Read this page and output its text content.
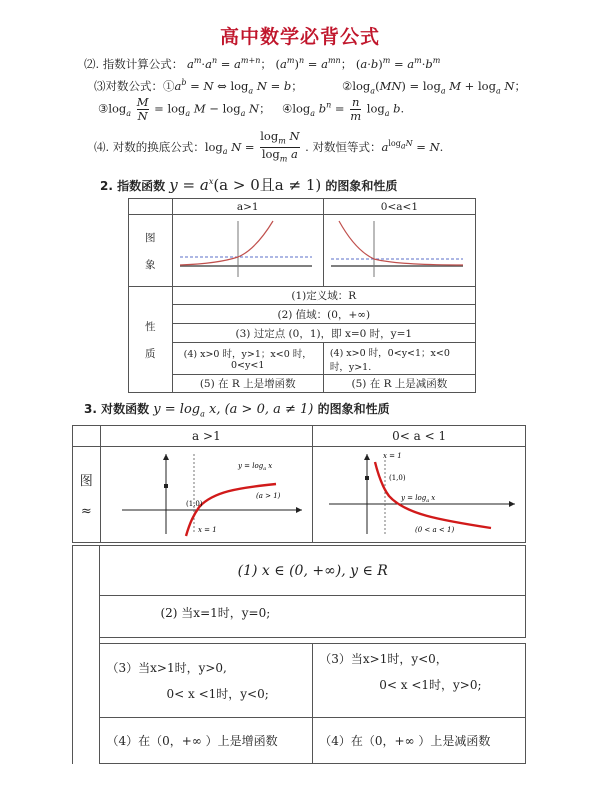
高中数学必背公式
⑵. 指数计算公式： $a^m\cdot a^n = a^{m+n}$； $(a^m)^n = a^{mn}$； $(a\cdot b)^m = a^m\cdot b^m$
⑶对数公式：$①a^b = N$ ⇔ $\log_a N = b$；	$②\log_a(MN) = \log_a M + \log_a N$；
$③\log_a \frac{M}{N} = \log_a M - \log_a N$； $④\log_a$ $b^n = \frac{n}{m} \log_a b$.
⑷. 对数的换底公式：$\log_a N = \frac{\log_m N}{\log_m a}$ . 对数恒等式：$a^{log_aN} = N$.
2. 指数函数 $y = a^x(a > 0$且a ≠ 1) 的图象和性质
	a>1	0<a<1
图

象		
性

质	(1)定义域：R	
	(2) 值域：(0，+∞)	
	(3) 过定点 (0，1)，即 x=0 时，y=1	
	(4) x>0 时，y>1；x<0 时，0<y<1	(4) x>0 时，0<y<1；x<0
时，y>1.
	(5) 在 R 上是增函数	(5) 在 R 上是减函数
3. 对数函数 $y = \log_a x$, (a > 0, a ≠ 1) 的图象和性质
	a >1	0< a < 1
图

≈	$y = \log_a x$
(1,0)
(a > 1)
x = 1	x = 1
(1,0)
$y = \log_a x$
(0 < a < 1)
	(1) x ∈ (0, +∞), y ∈ R	
	(2) 当x=1时，y=0;	

	（3）当x>1时，y>0,
0< x <1时，y<0;	（3）当x>1时，y<0，
0< x <1时，y>0;
	（4）在（0，+∞ ）上是增函数	（4）在（0，+∞ ）上是减函数
